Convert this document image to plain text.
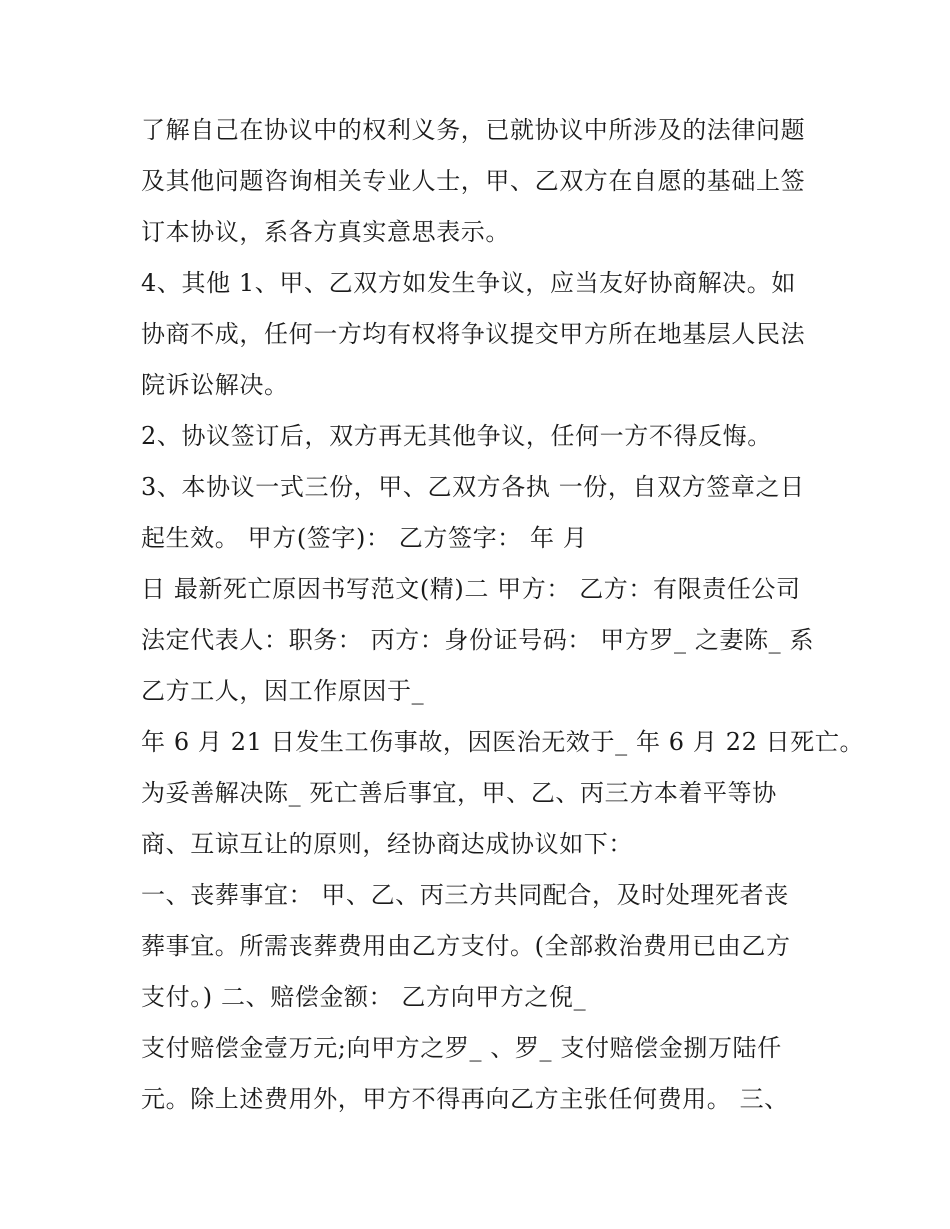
了解自己在协议中的权利义务，已就协议中所涉及的法律问题
及其他问题咨询相关专业人士，甲、乙双方在自愿的基础上签
订本协议，系各方真实意思表示。
4、其他 1、甲、乙双方如发生争议，应当友好协商解决。如
协商不成，任何一方均有权将争议提交甲方所在地基层人民法
院诉讼解决。
2、协议签订后，双方再无其他争议，任何一方不得反悔。
3、本协议一式三份，甲、乙双方各执 一份，自双方签章之日
起生效。 甲方(签字)： 乙方签字： 年 月
日 最新死亡原因书写范文(精)二 甲方： 乙方：有限责任公司
法定代表人：职务： 丙方：身份证号码： 甲方罗_ 之妻陈_ 系
乙方工人，因工作原因于_
年 6 月 21 日发生工伤事故，因医治无效于_ 年 6 月 22 日死亡。
为妥善解决陈_ 死亡善后事宜，甲、乙、丙三方本着平等协
商、互谅互让的原则，经协商达成协议如下：
一、丧葬事宜： 甲、乙、丙三方共同配合，及时处理死者丧
葬事宜。所需丧葬费用由乙方支付。(全部救治费用已由乙方
支付。) 二、赔偿金额： 乙方向甲方之倪_
支付赔偿金壹万元;向甲方之罗_ 、罗_ 支付赔偿金捌万陆仟
元。除上述费用外，甲方不得再向乙方主张任何费用。 三、
